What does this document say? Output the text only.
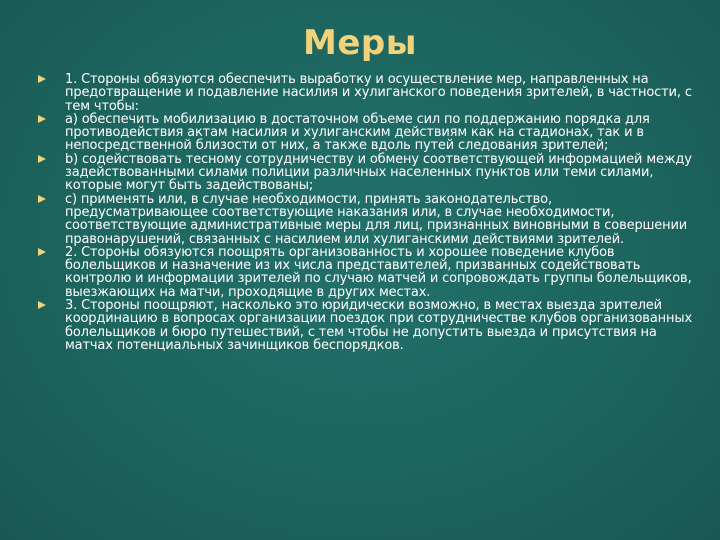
Меры
1. Стороны обязуются обеспечить выработку и осуществление мер, направленных на предотвращение и подавление насилия и хулиганского поведения зрителей, в частности, с тем чтобы:
a) обеспечить мобилизацию в достаточном объеме сил по поддержанию порядка для противодействия актам насилия и хулиганским действиям как на стадионах, так и в непосредственной близости от них, а также вдоль путей следования зрителей;
b) содействовать тесному сотрудничеству и обмену соответствующей информацией между задействованными силами полиции различных населенных пунктов или теми силами, которые могут быть задействованы;
c) применять или, в случае необходимости, принять законодательство, предусматривающее соответствующие наказания или, в случае необходимости, соответствующие административные меры для лиц, признанных виновными в совершении правонарушений, связанных с насилием или хулиганскими действиями зрителей.
2. Стороны обязуются поощрять организованность и хорошее поведение клубов болельщиков и назначение из их числа представителей, призванных содействовать контролю и информации зрителей по случаю матчей и сопровождать группы болельщиков, выезжающих на матчи, проходящие в других местах.
3. Стороны поощряют, насколько это юридически возможно, в местах выезда зрителей координацию в вопросах организации поездок при сотрудничестве клубов организованных болельщиков и бюро путешествий, с тем чтобы не допустить выезда и присутствия на матчах потенциальных зачинщиков беспорядков.
